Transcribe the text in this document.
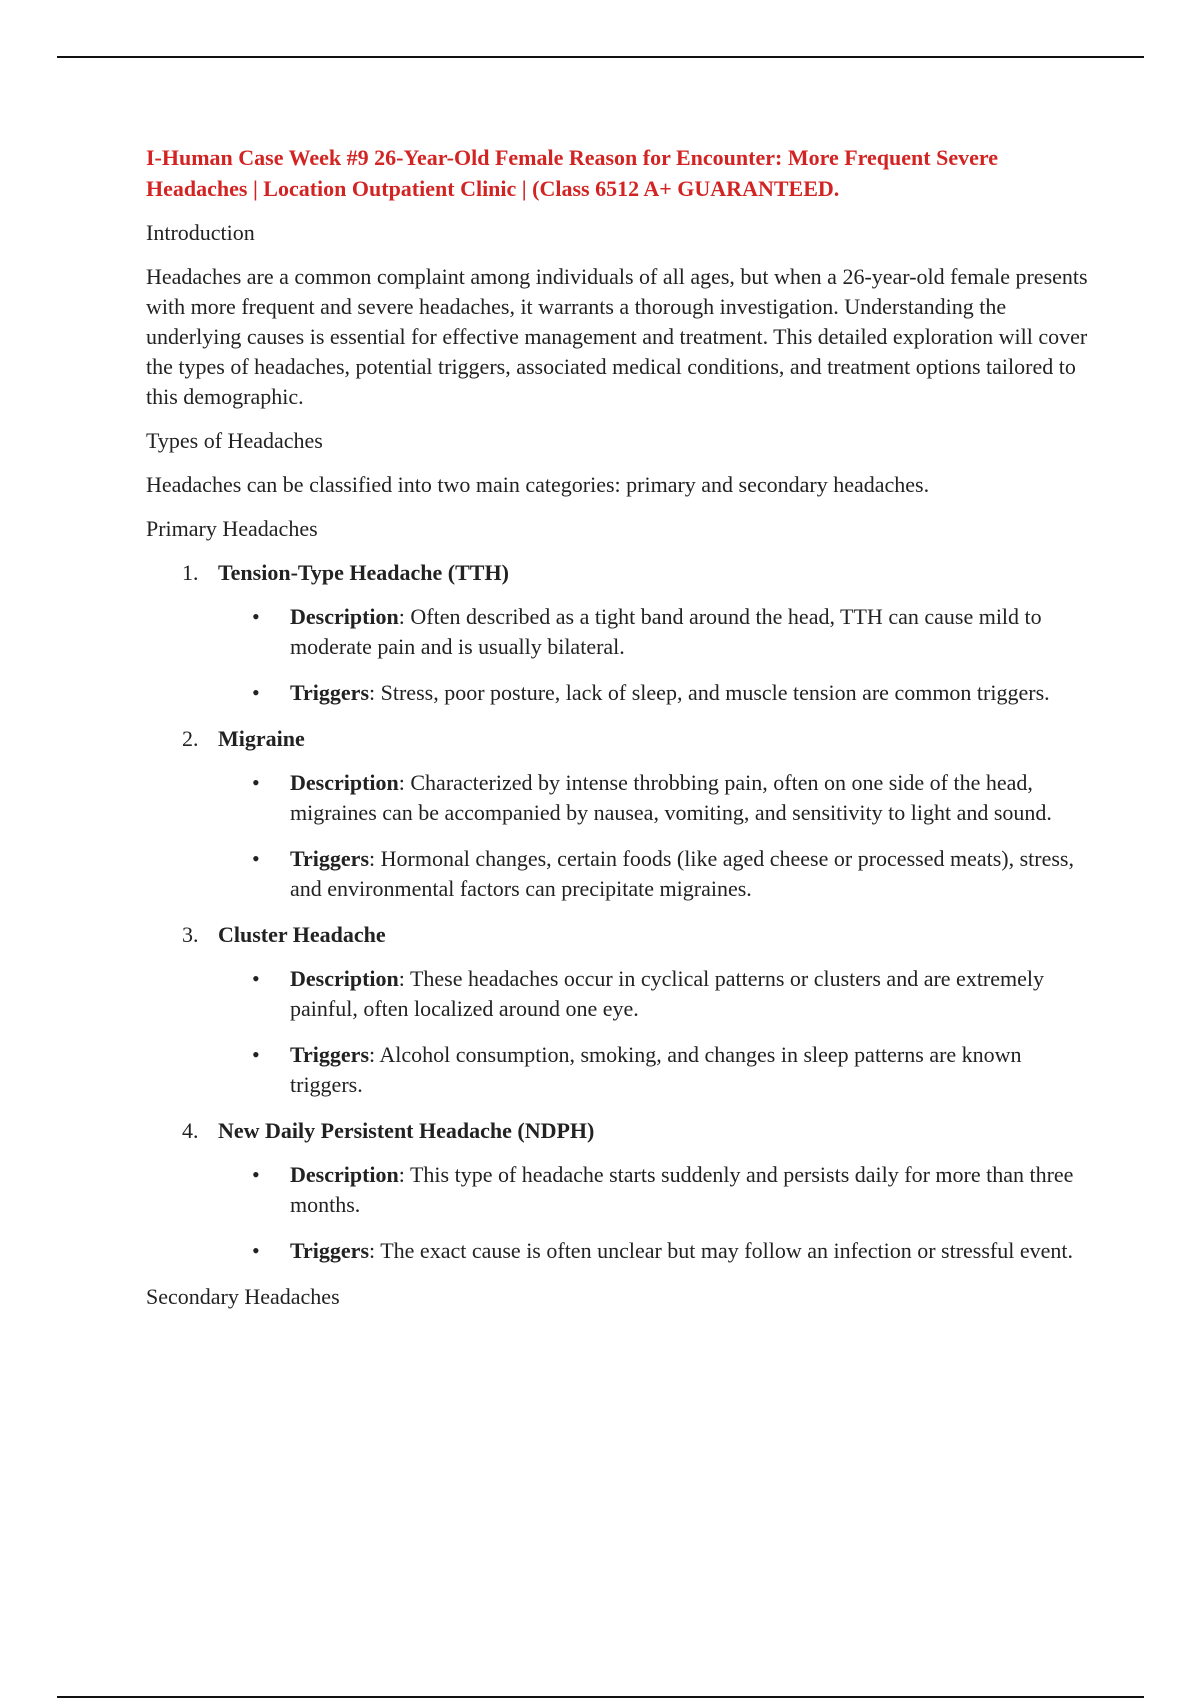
I-Human Case Week #9 26-Year-Old Female Reason for Encounter: More Frequent Severe Headaches | Location Outpatient Clinic | (Class 6512 A+ GUARANTEED.
Introduction
Headaches are a common complaint among individuals of all ages, but when a 26-year-old female presents with more frequent and severe headaches, it warrants a thorough investigation. Understanding the underlying causes is essential for effective management and treatment. This detailed exploration will cover the types of headaches, potential triggers, associated medical conditions, and treatment options tailored to this demographic.
Types of Headaches
Headaches can be classified into two main categories: primary and secondary headaches.
Primary Headaches
1. Tension-Type Headache (TTH)
• Description: Often described as a tight band around the head, TTH can cause mild to moderate pain and is usually bilateral.
• Triggers: Stress, poor posture, lack of sleep, and muscle tension are common triggers.
2. Migraine
• Description: Characterized by intense throbbing pain, often on one side of the head, migraines can be accompanied by nausea, vomiting, and sensitivity to light and sound.
• Triggers: Hormonal changes, certain foods (like aged cheese or processed meats), stress, and environmental factors can precipitate migraines.
3. Cluster Headache
• Description: These headaches occur in cyclical patterns or clusters and are extremely painful, often localized around one eye.
• Triggers: Alcohol consumption, smoking, and changes in sleep patterns are known triggers.
4. New Daily Persistent Headache (NDPH)
• Description: This type of headache starts suddenly and persists daily for more than three months.
• Triggers: The exact cause is often unclear but may follow an infection or stressful event.
Secondary Headaches
